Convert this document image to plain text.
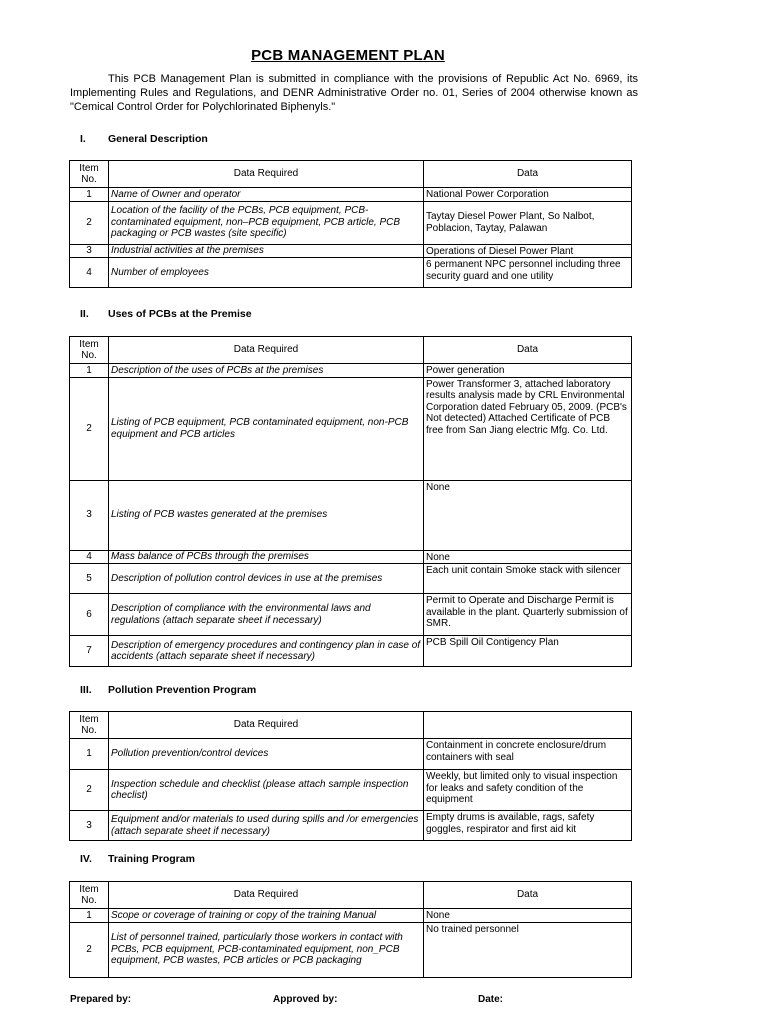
PCB MANAGEMENT PLAN

This PCB Management Plan is submitted in compliance with the provisions of Republic Act No. 6969, its Implementing Rules and Regulations, and DENR Administrative Order no. 01, Series of 2004 otherwise known as "Cemical Control Order for Polychlorinated Biphenyls."

I. General Description

Item No.	Data Required	Data
1	Name of Owner and operator	National Power Corporation
2	Location of the facility of the PCBs, PCB equipment, PCB-contaminated equipment, non–PCB equipment, PCB article, PCB packaging or PCB wastes (site specific)	Taytay Diesel Power Plant, So Nalbot, Poblacion, Taytay, Palawan
3	Industrial activities at the premises	Operations of Diesel Power Plant
4	Number of employees	6 permanent NPC personnel including three security guard and one utility

II. Uses of PCBs at the Premise

Item No.	Data Required	Data
1	Description of the uses of PCBs at the premises	Power generation
2	Listing of PCB equipment, PCB contaminated equipment, non-PCB equipment and PCB articles	Power Transformer 3, attached laboratory results analysis made by CRL Environmental Corporation dated February 05, 2009. (PCB's Not detected) Attached Certificate of PCB free from San Jiang electric Mfg. Co. Ltd.
3	Listing of PCB wastes generated at the premises	None
4	Mass balance of PCBs through the premises	None
5	Description of pollution control devices in use at the premises	Each unit contain Smoke stack with silencer
6	Description of compliance with the environmental laws and regulations (attach separate sheet if necessary)	Permit to Operate and Discharge Permit is available in the plant. Quarterly submission of SMR.
7	Description of emergency procedures and contingency plan in case of accidents (attach separate sheet if necessary)	PCB Spill Oil Contigency Plan

III. Pollution Prevention Program

Item No.	Data Required	
1	Pollution prevention/control devices	Containment in concrete enclosure/drum containers with seal
2	Inspection schedule and checklist (please attach sample inspection checlist)	Weekly, but limited only to visual inspection for leaks and safety condition of the equipment
3	Equipment and/or materials to used during spills and /or emergencies (attach separate sheet if necessary)	Empty drums is available, rags, safety goggles, respirator and first aid kit

IV. Training Program

Item No.	Data Required	Data
1	Scope or coverage of training or copy of the training Manual	None
2	List of personnel trained, particularly those workers in contact with PCBs, PCB equipment, PCB-contaminated equipment, non_PCB equipment, PCB wastes, PCB articles or PCB packaging	No trained personnel
Prepared by:	Approved by:	Date:
